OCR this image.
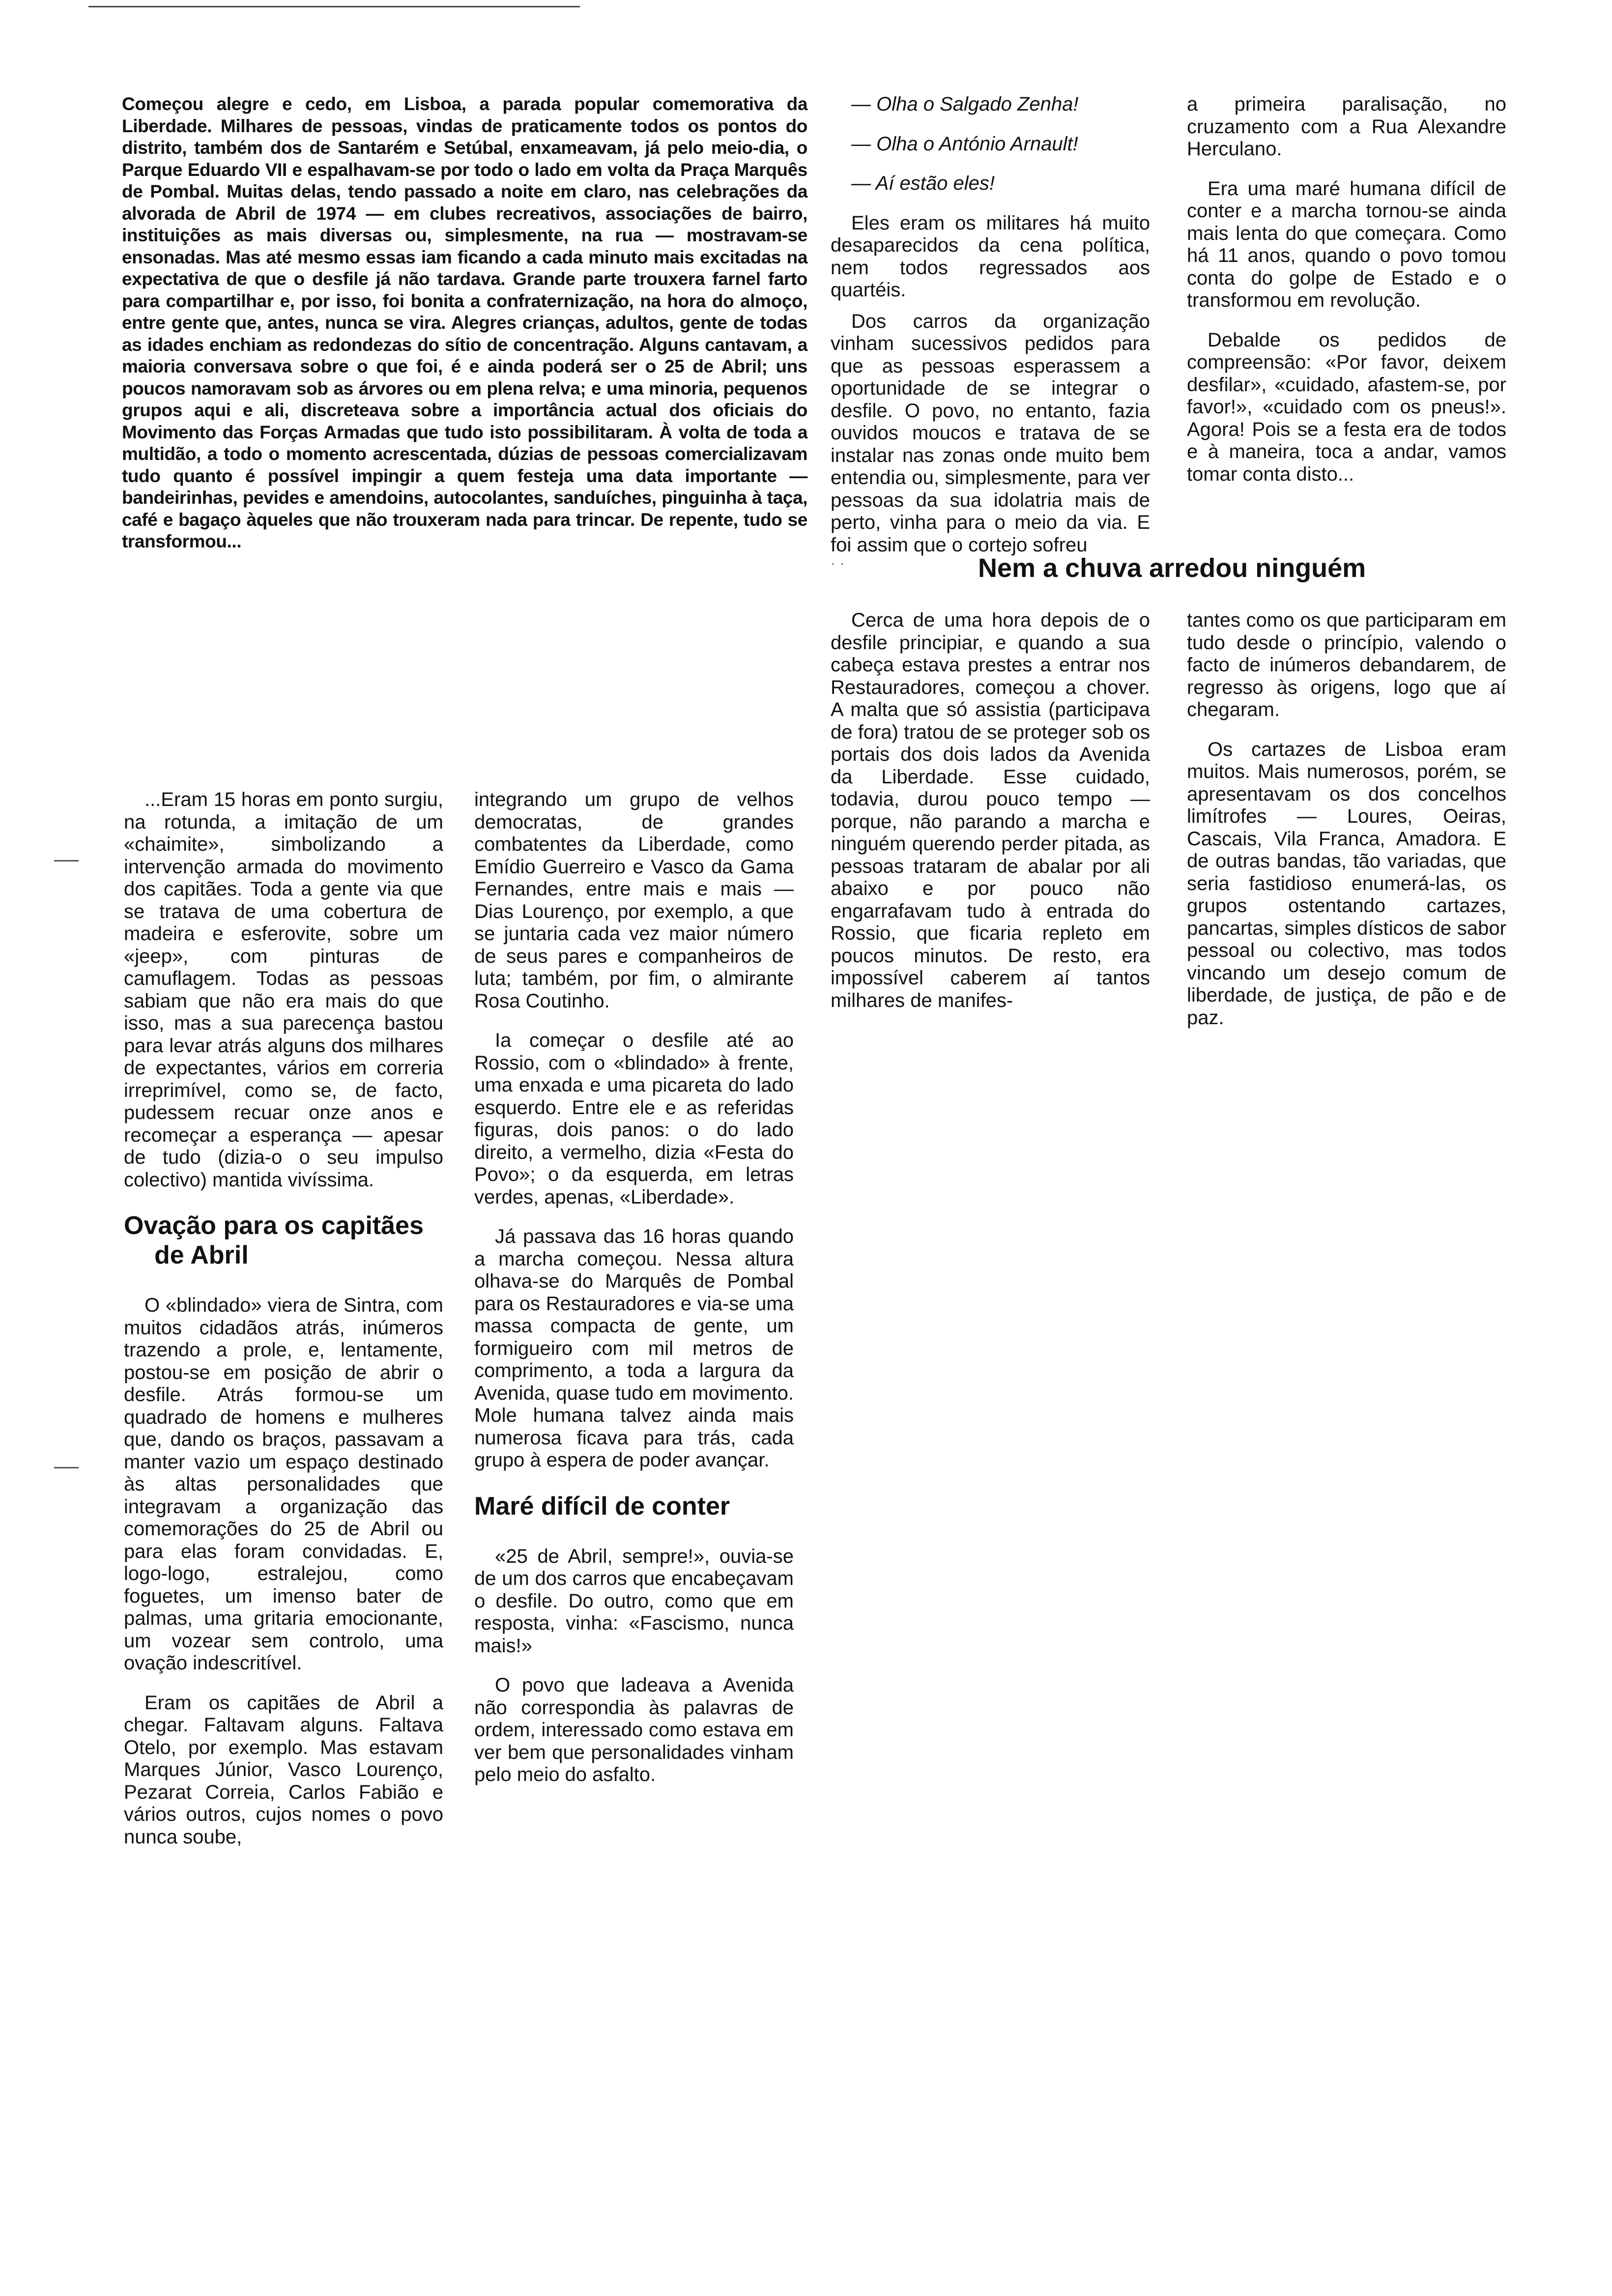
Começou alegre e cedo, em Lisboa, a parada popular comemorativa da Liberdade. Milhares de pessoas, vindas de praticamente todos os pontos do distrito, também dos de Santarém e Setúbal, enxameavam, já pelo meio-dia, o Parque Eduardo VII e espalhavam-se por todo o lado em volta da Praça Marquês de Pombal. Muitas delas, tendo passado a noite em claro, nas celebrações da alvorada de Abril de 1974 — em clubes recreativos, associações de bairro, instituições as mais diversas ou, simplesmente, na rua — mostravam-se ensonadas. Mas até mesmo essas iam ficando a cada minuto mais excitadas na expectativa de que o desfile já não tardava. Grande parte trouxera farnel farto para compartilhar e, por isso, foi bonita a confraternização, na hora do almoço, entre gente que, antes, nunca se vira. Alegres crianças, adultos, gente de todas as idades enchiam as redondezas do sítio de concentração. Alguns cantavam, a maioria conversava sobre o que foi, é e ainda poderá ser o 25 de Abril; uns poucos namoravam sob as árvores ou em plena relva; e uma minoria, pequenos grupos aqui e ali, discreteava sobre a importância actual dos oficiais do Movimento das Forças Armadas que tudo isto possibilitaram. À volta de toda a multidão, a todo o momento acrescentada, dúzias de pessoas comercializavam tudo quanto é possível impingir a quem festeja uma data importante — bandeirinhas, pevides e amendoins, autocolantes, sanduíches, pinguinha à taça, café e bagaço àqueles que não trouxeram nada para trincar. De repente, tudo se transformou...

...Eram 15 horas em ponto surgiu, na rotunda, a imitação de um «chaimite», simbolizando a intervenção armada do movimento dos capitães. Toda a gente via que se tratava de uma cobertura de madeira e esferovite, sobre um «jeep», com pinturas de camuflagem. Todas as pessoas sabiam que não era mais do que isso, mas a sua parecença bastou para levar atrás alguns dos milhares de expectantes, vários em correria irreprimível, como se, de facto, pudessem recuar onze anos e recomeçar a esperança — apesar de tudo (dizia-o o seu impulso colectivo) mantida vivíssima.

Ovação para os capitães
de Abril

O «blindado» viera de Sintra, com muitos cidadãos atrás, inúmeros trazendo a prole, e, lentamente, postou-se em posição de abrir o desfile. Atrás formou-se um quadrado de homens e mulheres que, dando os braços, passavam a manter vazio um espaço destinado às altas personalidades que integravam a organização das comemorações do 25 de Abril ou para elas foram convidadas. E, logo-logo, estralejou, como foguetes, um imenso bater de palmas, uma gritaria emocionante, um vozear sem controlo, uma ovação indescritível.

Eram os capitães de Abril a chegar. Faltavam alguns. Faltava Otelo, por exemplo. Mas estavam Marques Júnior, Vasco Lourenço, Pezarat Correia, Carlos Fabião e vários outros, cujos nomes o povo nunca soube,

integrando um grupo de velhos democratas, de grandes combatentes da Liberdade, como Emídio Guerreiro e Vasco da Gama Fernandes, entre mais e mais — Dias Lourenço, por exemplo, a que se juntaria cada vez maior número de seus pares e companheiros de luta; também, por fim, o almirante Rosa Coutinho.

Ia começar o desfile até ao Rossio, com o «blindado» à frente, uma enxada e uma picareta do lado esquerdo. Entre ele e as referidas figuras, dois panos: o do lado direito, a vermelho, dizia «Festa do Povo»; o da esquerda, em letras verdes, apenas, «Liberdade».

Já passava das 16 horas quando a marcha começou. Nessa altura olhava-se do Marquês de Pombal para os Restauradores e via-se uma massa compacta de gente, um formigueiro com mil metros de comprimento, a toda a largura da Avenida, quase tudo em movimento. Mole humana talvez ainda mais numerosa ficava para trás, cada grupo à espera de poder avançar.

Maré difícil de conter

«25 de Abril, sempre!», ouvia-se de um dos carros que encabeçavam o desfile. Do outro, como que em resposta, vinha: «Fascismo, nunca mais!»

O povo que ladeava a Avenida não correspondia às palavras de ordem, interessado como estava em ver bem que personalidades vinham pelo meio do asfalto.

— Olha o Salgado Zenha!

— Olha o António Arnault!

— Aí estão eles!

Eles eram os militares há muito desaparecidos da cena política, nem todos regressados aos quartéis.

Dos carros da organização vinham sucessivos pedidos para que as pessoas esperassem a oportunidade de se integrar o desfile. O povo, no entanto, fazia ouvidos moucos e tratava de se instalar nas zonas onde muito bem entendia ou, simplesmente, para ver pessoas da sua idolatria mais de perto, vinha para o meio da via. E foi assim que o cortejo sofreu

a primeira paralisação, no cruzamento com a Rua Alexandre Herculano.

Era uma maré humana difícil de conter e a marcha tornou-se ainda mais lenta do que começara. Como há 11 anos, quando o povo tomou conta do golpe de Estado e o transformou em revolução.

Debalde os pedidos de compreensão: «Por favor, deixem desfilar», «cuidado, afastem-se, por favor!», «cuidado com os pneus!». Agora! Pois se a festa era de todos e à maneira, toca a andar, vamos tomar conta disto...

Nem a chuva arredou ninguém
· ·

Cerca de uma hora depois de o desfile principiar, e quando a sua cabeça estava prestes a entrar nos Restauradores, começou a chover. A malta que só assistia (participava de fora) tratou de se proteger sob os portais dos dois lados da Avenida da Liberdade. Esse cuidado, todavia, durou pouco tempo — porque, não parando a marcha e ninguém querendo perder pitada, as pessoas trataram de abalar por ali abaixo e por pouco não engarrafavam tudo à entrada do Rossio, que ficaria repleto em poucos minutos. De resto, era impossível caberem aí tantos milhares de manifes-

tantes como os que participaram em tudo desde o princípio, valendo o facto de inúmeros debandarem, de regresso às origens, logo que aí chegaram.

Os cartazes de Lisboa eram muitos. Mais numerosos, porém, se apresentavam os dos concelhos limítrofes — Loures, Oeiras, Cascais, Vila Franca, Amadora. E de outras bandas, tão variadas, que seria fastidioso enumerá-las, os grupos ostentando cartazes, pancartas, simples dísticos de sabor pessoal ou colectivo, mas todos vincando um desejo comum de liberdade, de justiça, de pão e de paz.
